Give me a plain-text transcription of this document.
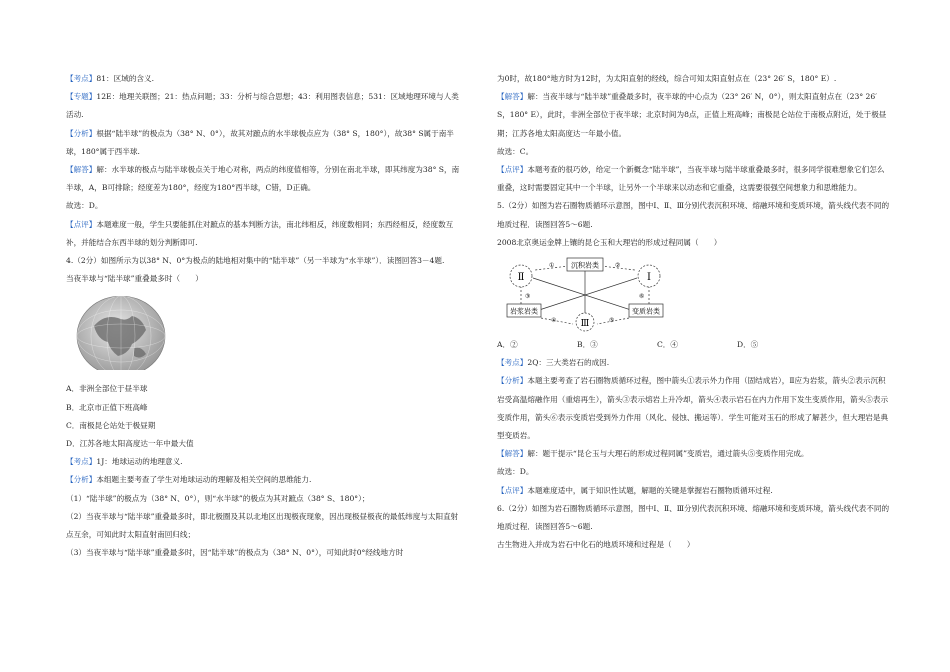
【考点】81：区域的含义.

【专题】12E：地理关联图；21：热点问题；33：分析与综合思想；43：利用图表信息；531：区域地理环境与人类活动.

【分析】根据“陆半球”的极点为（38° N、0°），故其对蹠点的水半球极点应为（38° S，180°），故38° S属于南半球，180°属于西半球.

【解答】解：水半球的极点与陆半球极点关于地心对称，两点的纬度值相等，分别在南北半球，即其纬度为38° S，南半球，A，B可排除；经度差为180°，经度为180°西半球，C错，D正确。

故选：D。

【点评】本题难度一般，学生只要能抓住对蹠点的基本判断方法，南北纬相反，纬度数相同；东西经相反，经度数互补，并能结合东西半球的划分判断即可.

4.（2分）如图所示为以38° N、0°为极点的陆地相对集中的“陆半球”（另一半球为“水半球”）．读图回答3－4题.

当夜半球与“陆半球”重叠最多时（　　）

A．非洲全部位于昼半球

B．北京市正值下班高峰

C．南极昆仑站处于极昼期

D．江苏各地太阳高度达一年中最大值

【考点】1J：地球运动的地理意义.

【分析】本组题主要考查了学生对地球运动的理解及相关空间的思维能力.

（1）“陆半球”的极点为（38° N、0°），则“水半球”的极点为其对蹠点（38° S、180°）；

（2）当夜半球与“陆半球”重叠最多时，即北极圈及其以北地区出现极夜现象，因出现极昼极夜的最低纬度与太阳直射点互余，可知此时太阳直射南回归线；

（3）当夜半球与“陆半球”重叠最多时，因“陆半球”的极点为（38° N、0°），可知此时0°经线地方时

为0时，故180°地方时为12时，为太阳直射的经线，综合可知太阳直射点在（23° 26′ S，180° E）.

【解答】解：当夜半球与“陆半球”重叠最多时，夜半球的中心点为（23° 26′ N，0°），则太阳直射点在（23° 26′ S，180° E），此时，非洲全部位于夜半球；北京时间为8点，正值上班高峰；南极昆仑站位于南极点附近，处于极昼期；江苏各地太阳高度达一年最小值。

故选：C。

【点评】本题考查的很巧妙，给定一个新概念“陆半球”，当夜半球与陆半球重叠最多时，很多同学很难想象它们怎么重叠，这时需要固定其中一个半球，让另外一个半球来以动态和它重叠，这需要很强空间想象力和思维能力。

5.（2分）如图为岩石圈物质循环示意图，图中Ⅰ、Ⅱ、Ⅲ分别代表沉积环境、熔融环境和变质环境，箭头线代表不同的地质过程．读图回答5～6题.

2008北京奥运金牌上镶的昆仑玉和大理岩的形成过程同属（　　）

Ⅱ	Ⅰ
Ⅲ
沉积岩类
岩浆岩类	变质岩类
①	②
③
④	⑤
⑥

A．②	B．③	C．④	D．⑤

【考点】2Q：三大类岩石的成因.

【分析】本题主要考查了岩石圈物质循环过程，图中箭头①表示外力作用（固结成岩），Ⅱ应为岩浆，箭头②表示沉积岩受高温熔融作用（重熔再生），箭头③表示熔岩上升冷却，箭头④表示岩石在内力作用下发生变质作用，箭头⑤表示变质作用，箭头⑥表示变质岩受到外力作用（风化、侵蚀、搬运等）．学生可能对玉石的形成了解甚少，但大理岩是典型变质岩。

【解答】解：题干提示“昆仑玉与大理石的形成过程同属”变质岩，通过箭头⑤变质作用完成。

故选：D。

【点评】本题难度适中，属于知识性试题，解题的关键是掌握岩石圈物质循环过程.

6.（2分）如图为岩石圈物质循环示意图，图中Ⅰ、Ⅱ、Ⅲ分别代表沉积环境、熔融环境和变质环境，箭头线代表不同的地质过程．读图回答5～6题.

古生物进入并成为岩石中化石的地质环境和过程是（　　）
